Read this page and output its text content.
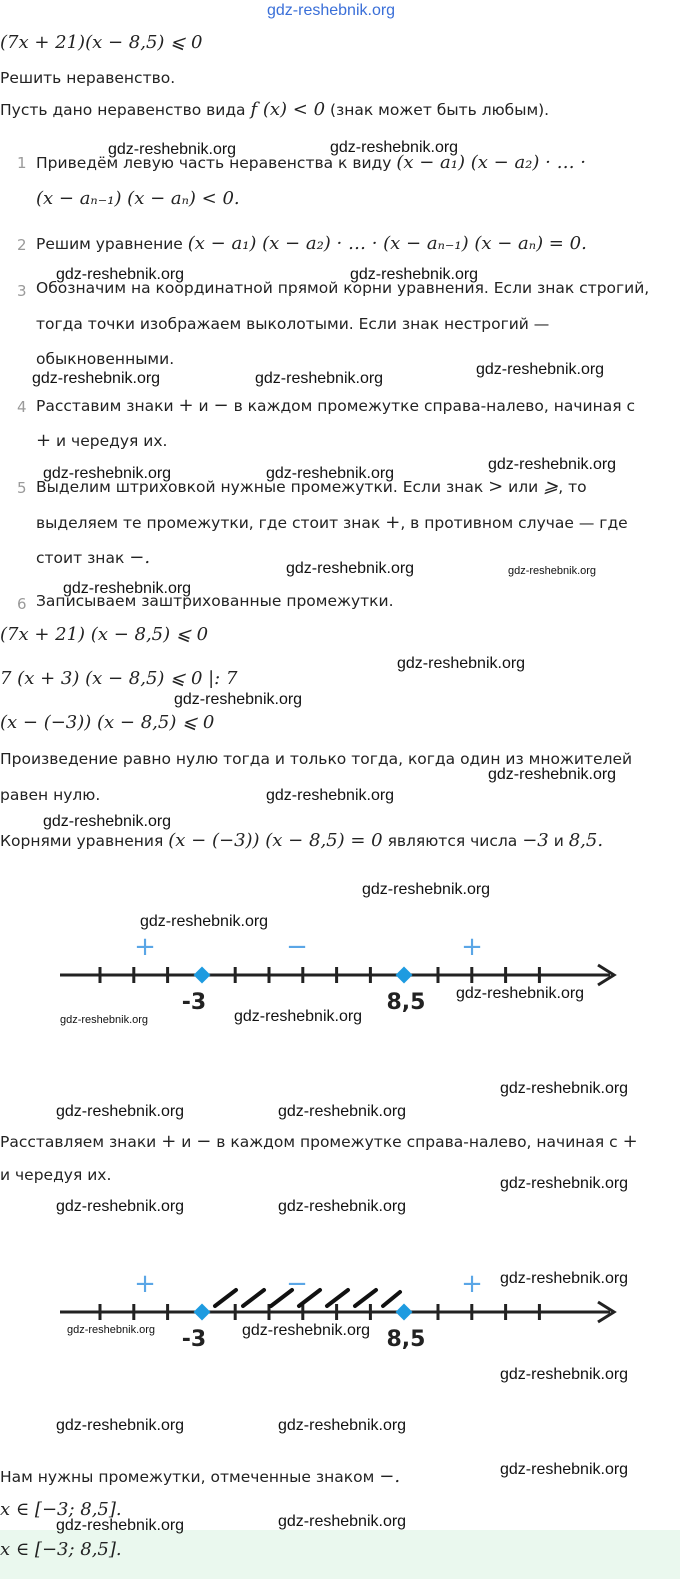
gdz-reshebnik.org
(7x + 21)(x − 8,5) ⩽ 0
Решить неравенство.
Пусть дано неравенство вида f (x) < 0 (знак может быть любым).
1 Приведём левую часть неравенства к виду (x − a₁) (x − a₂) · … ·
(x − aₙ₋₁) (x − aₙ) < 0.
2 Решим уравнение (x − a₁) (x − a₂) · … · (x − aₙ₋₁) (x − aₙ) = 0.
3 Обозначим на координатной прямой корни уравнения. Если знак строгий,
тогда точки изображаем выколотыми. Если знак нестрогий —
обыкновенными.
4 Расставим знаки + и − в каждом промежутке справа-налево, начиная с
+ и чередуя их.
5 Выделим штриховкой нужные промежутки. Если знак > или ⩾, то
выделяем те промежутки, где стоит знак +, в противном случае — где
стоит знак −.
6 Записываем заштрихованные промежутки.
(7x + 21) (x − 8,5) ⩽ 0
7 (x + 3) (x − 8,5) ⩽ 0 |: 7
(x − (−3)) (x − 8,5) ⩽ 0
Произведение равно нулю тогда и только тогда, когда один из множителей
равен нулю.
Корнями уравнения (x − (−3)) (x − 8,5) = 0 являются числа −3 и 8,5.
+	−	+
-3	8,5
Расставляем знаки + и − в каждом промежутке справа-налево, начиная с +
и чередуя их.
+	−	+
-3	8,5
Нам нужны промежутки, отмеченные знаком −.
x ∈ [−3; 8,5].
x ∈ [−3; 8,5].
gdz-reshebnik.org	gdz-reshebnik.org
gdz-reshebnik.org	gdz-reshebnik.org
gdz-reshebnik.org	gdz-reshebnik.org
gdz-reshebnik.org
gdz-reshebnik.org	gdz-reshebnik.org
gdz-reshebnik.org
gdz-reshebnik.org
gdz-reshebnik.org	gdz-reshebnik.org
gdz-reshebnik.org
gdz-reshebnik.org
gdz-reshebnik.org
gdz-reshebnik.org
gdz-reshebnik.org
gdz-reshebnik.org
gdz-reshebnik.org
gdz-reshebnik.org
gdz-reshebnik.org	gdz-reshebnik.org
gdz-reshebnik.org
gdz-reshebnik.org	gdz-reshebnik.org
gdz-reshebnik.org
gdz-reshebnik.org	gdz-reshebnik.org
gdz-reshebnik.org
gdz-reshebnik.org	gdz-reshebnik.org
gdz-reshebnik.org
gdz-reshebnik.org	gdz-reshebnik.org
gdz-reshebnik.org
gdz-reshebnik.org	gdz-reshebnik.org
